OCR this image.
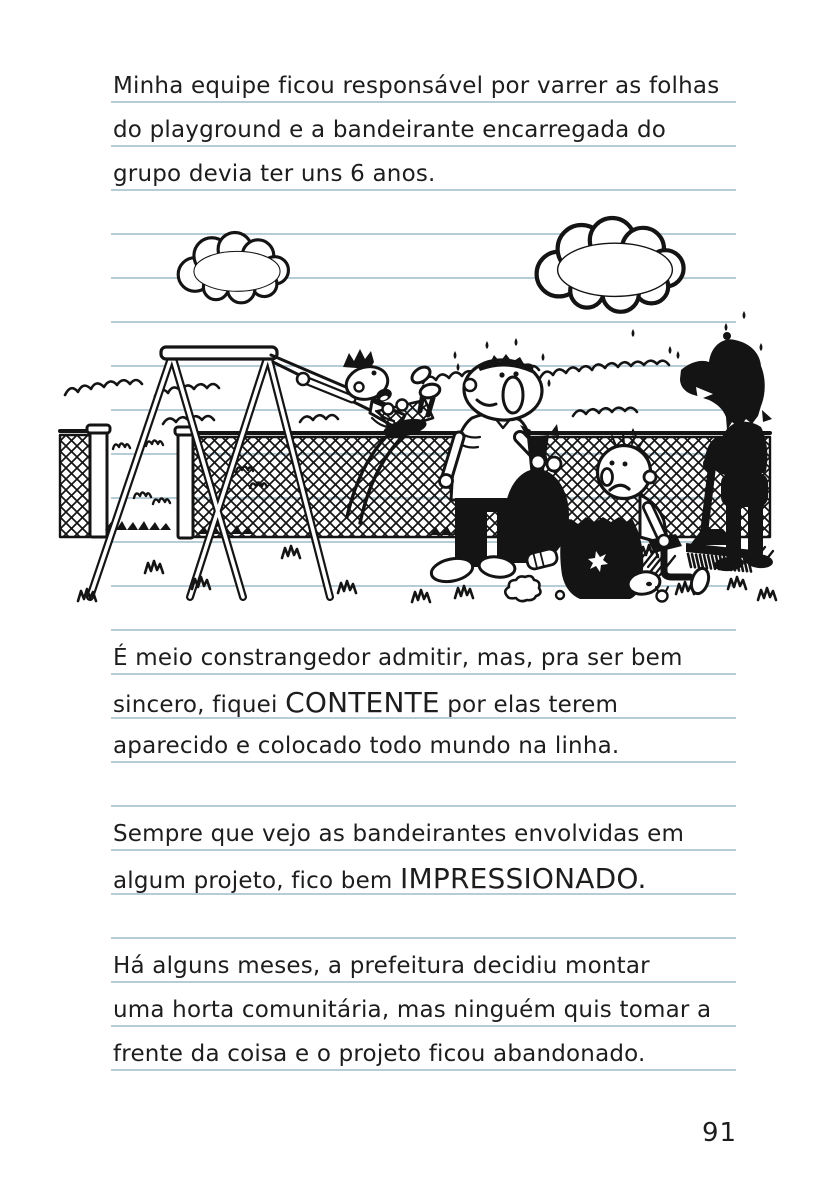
Minha equipe ficou responsável por varrer as folhas
do playground e a bandeirante encarregada do
grupo devia ter uns 6 anos.
É meio constrangedor admitir, mas, pra ser bem
sincero, fiquei CONTENTE por elas terem
aparecido e colocado todo mundo na linha.
Sempre que vejo as bandeirantes envolvidas em
algum projeto, fico bem IMPRESSIONADO.
Há alguns meses, a prefeitura decidiu montar
uma horta comunitária, mas ninguém quis tomar a
frente da coisa e o projeto ficou abandonado.
91
